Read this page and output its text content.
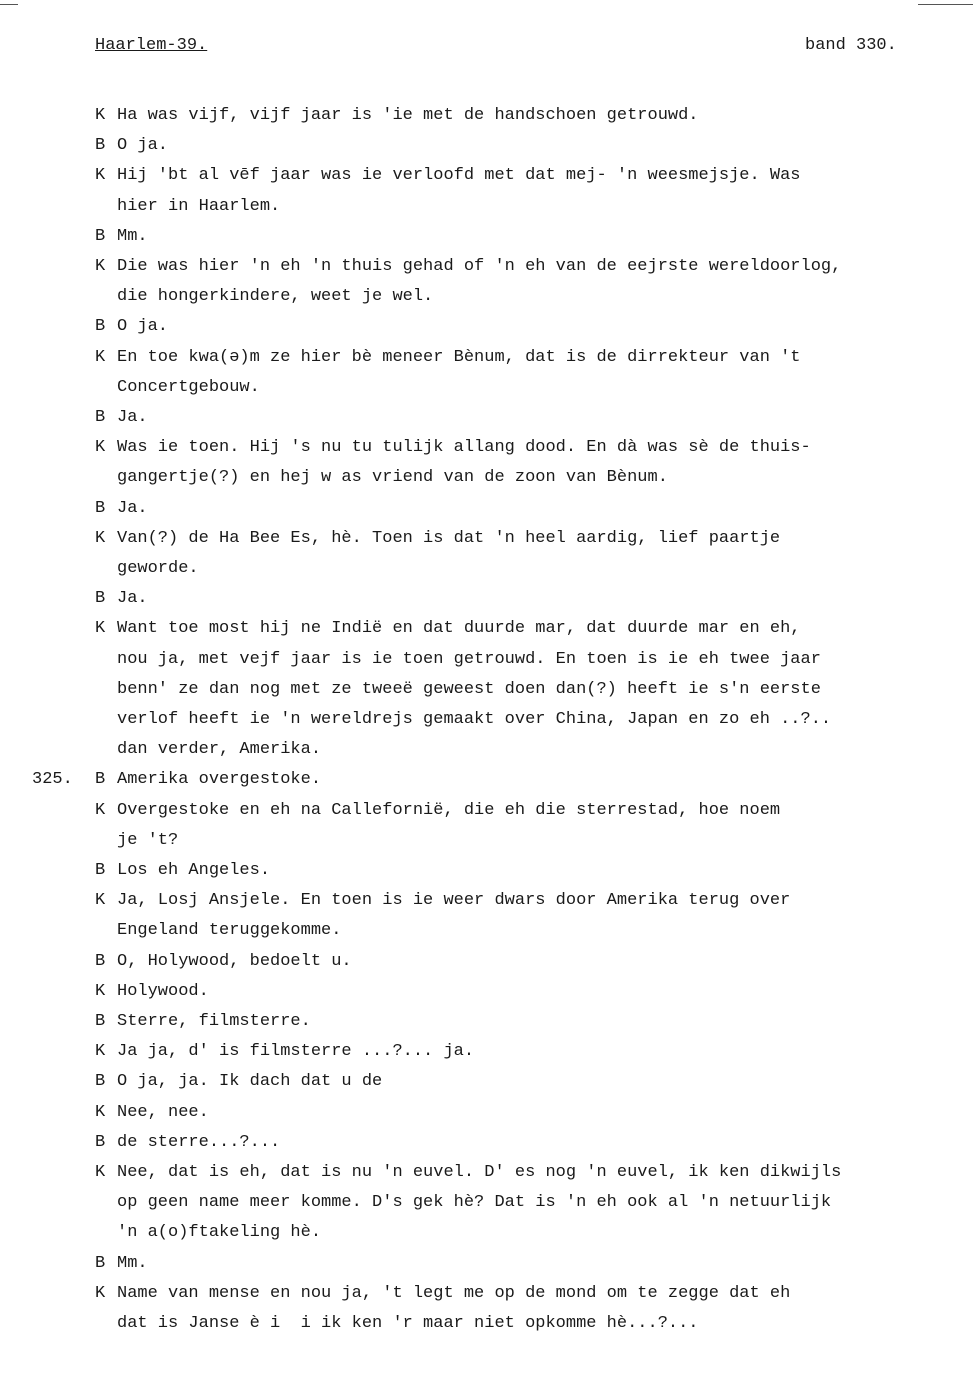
Haarlem-39.	band 330.
K Ha was vijf, vijf jaar is 'ie met de handschoen getrouwd.
B O ja.
K Hij 'bt al vēf jaar was ie verloofd met dat mej- 'n weesmejsje. Was
hier in Haarlem.
B Mm.
K Die was hier 'n eh 'n thuis gehad of 'n eh van de eejrste wereldoorlog,
die hongerkindere, weet je wel.
B O ja.
K En toe kwa(ə)m ze hier bè meneer Bènum, dat is de dirrekteur van 't
Concertgebouw.
B Ja.
K Was ie toen. Hij 's nu tu tulijk allang dood. En dà was sè de thuis-
gangertje(?) en hej w as vriend van de zoon van Bènum.
B Ja.
K Van(?) de Ha Bee Es, hè. Toen is dat 'n heel aardig, lief paartje
geworde.
B Ja.
K Want toe most hij ne Indië en dat duurde mar, dat duurde mar en eh,
nou ja, met vejf jaar is ie toen getrouwd. En toen is ie eh twee jaar
benn' ze dan nog met ze tweeë geweest doen dan(?) heeft ie s'n eerste
verlof heeft ie 'n wereldrejs gemaakt over China, Japan en zo eh ..?..
dan verder, Amerika.
325. B Amerika overgestoke.
K Overgestoke en eh na Calleforniё, die eh die sterrestad, hoe noem
je 't?
B Los eh Angeles.
K Ja, Losj Ansjele. En toen is ie weer dwars door Amerika terug over
Engeland teruggekomme.
B O, Holywood, bedoelt u.
K Holywood.
B Sterre, filmsterre.
K Ja ja, d' is filmsterre ...?... ja.
B O ja, ja. Ik dach dat u de
K Nee, nee.
B de sterre...?...
K Nee, dat is eh, dat is nu 'n euvel. D' es nog 'n euvel, ik ken dikwijls
op geen name meer komme. D's gek hè? Dat is 'n eh ook al 'n netuurlijk
'n a(o)ftakeling hè.
B Mm.
K Name van mense en nou ja, 't legt me op de mond om te zegge dat eh
dat is Janse è i  i ik ken 'r maar niet opkomme hè...?...
